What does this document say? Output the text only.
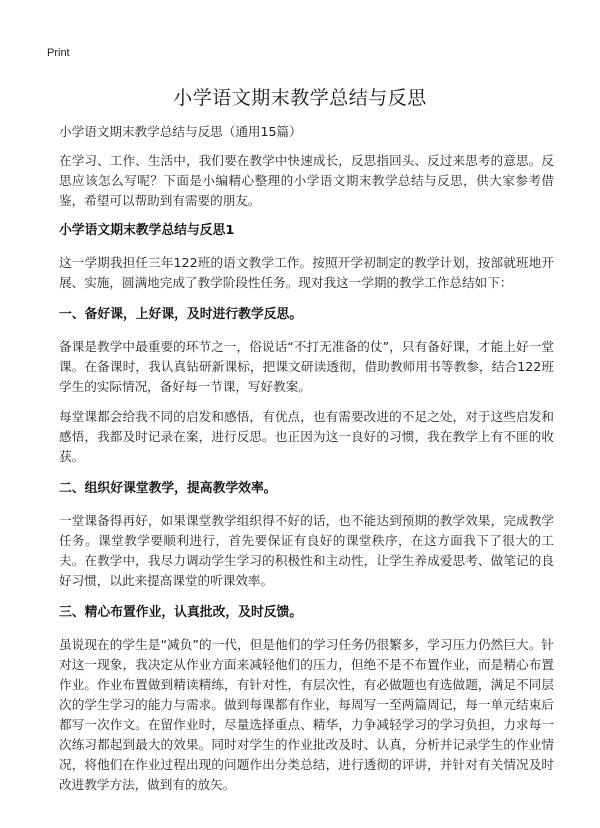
Print
小学语文期末教学总结与反思

小学语文期末教学总结与反思（通用15篇）

在学习、工作、生活中，我们要在教学中快速成长，反思指回头、反过来思考的意思。反思应该怎么写呢？下面是小编精心整理的小学语文期末教学总结与反思，供大家参考借鉴，希望可以帮助到有需要的朋友。

小学语文期末教学总结与反思1

这一学期我担任三年122班的语文教学工作。按照开学初制定的教学计划，按部就班地开展、实施，圆满地完成了教学阶段性任务。现对我这一学期的教学工作总结如下：

一、备好课，上好课，及时进行教学反思。

备课是教学中最重要的环节之一，俗说话“不打无准备的仗”，只有备好课，才能上好一堂课。在备课时，我认真钻研新课标，把课文研读透彻，借助教师用书等教参，结合122班学生的实际情况，备好每一节课，写好教案。

每堂课都会给我不同的启发和感悟，有优点，也有需要改进的不足之处，对于这些启发和感悟，我都及时记录在案，进行反思。也正因为这一良好的习惯，我在教学上有不匪的收获。

二、组织好课堂教学，提高教学效率。

一堂课备得再好，如果课堂教学组织得不好的话，也不能达到预期的教学效果，完成教学任务。课堂教学要顺利进行，首先要保证有良好的课堂秩序，在这方面我下了很大的工夫。在教学中，我尽力调动学生学习的积极性和主动性，让学生养成爱思考、做笔记的良好习惯，以此来提高课堂的听课效率。

三、精心布置作业，认真批改，及时反馈。

虽说现在的学生是“减负”的一代，但是他们的学习任务仍很繁多，学习压力仍然巨大。针对这一现象，我决定从作业方面来减轻他们的压力，但绝不是不布置作业，而是精心布置作业。作业布置做到精读精练，有针对性，有层次性，有必做题也有选做题，满足不同层次的学生学习的能力与需求。做到每课都有作业，每周写一至两篇周记，每一单元结束后都写一次作文。在留作业时，尽量选择重点、精华，力争减轻学习的学习负担，力求每一次练习都起到最大的效果。同时对学生的作业批改及时、认真，分析并记录学生的作业情况，将他们在作业过程出现的问题作出分类总结，进行透彻的评讲，并针对有关情况及时改进教学方法，做到有的放矢。
